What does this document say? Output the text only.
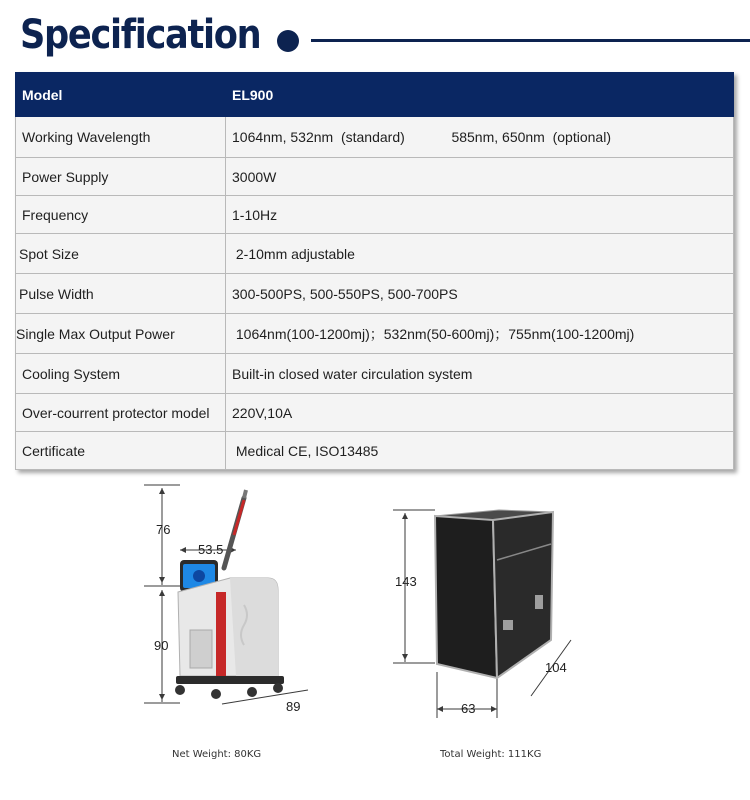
Specification
Model	EL900
Working Wavelength	1064nm, 532nm  (standard)            585nm, 650nm  (optional)
Power Supply	3000W
Frequency	1-10Hz
Spot Size	2-10mm adjustable
Pulse Width	300-500PS, 500-550PS, 500-700PS
Single Max Output Power	1064nm(100-1200mj)；532nm(50-600mj)；755nm(100-1200mj)
Cooling System	Built-in closed water circulation system
Over-courrent protector model	220V,10A
Certificate	Medical CE, ISO13485
76
53.5
90
89
Net Weight: 80KG
143
104
63
Total Weight: 111KG
